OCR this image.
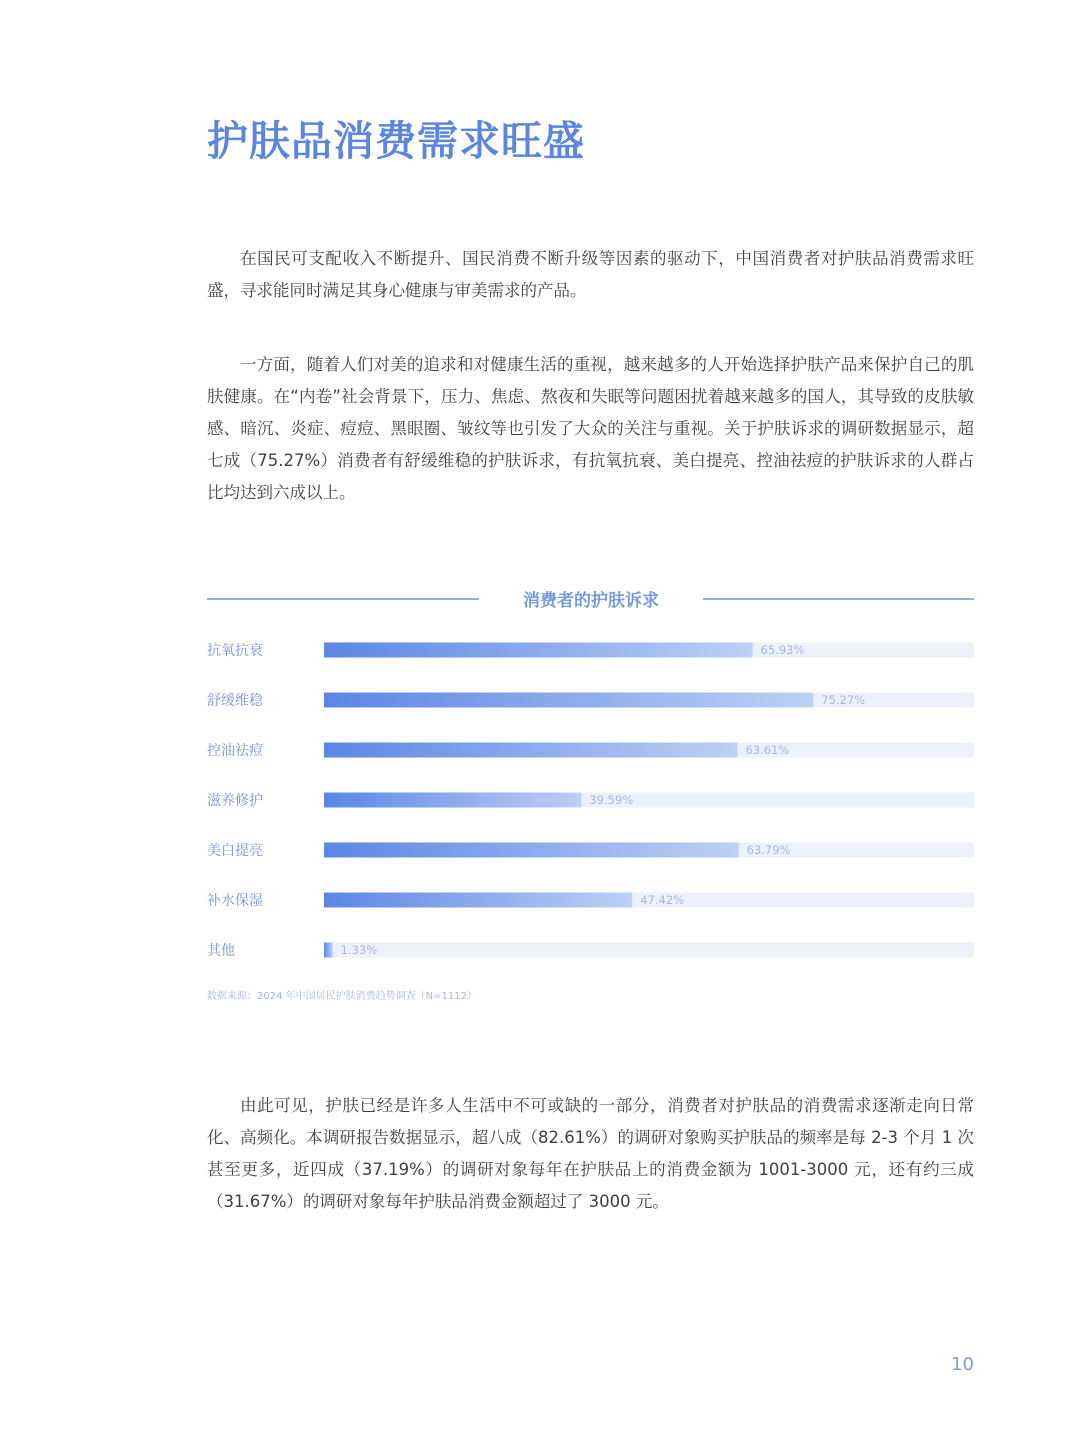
护肤品消费需求旺盛

在国民可支配收入不断提升、国民消费不断升级等因素的驱动下，中国消费者对护肤品消费需求旺盛，寻求能同时满足其身心健康与审美需求的产品。

一方面，随着人们对美的追求和对健康生活的重视，越来越多的人开始选择护肤产品来保护自己的肌肤健康。在“内卷”社会背景下，压力、焦虑、熬夜和失眠等问题困扰着越来越多的国人，其导致的皮肤敏感、暗沉、炎症、痘痘、黑眼圈、皱纹等也引发了大众的关注与重视。关于护肤诉求的调研数据显示，超七成（75.27%）消费者有舒缓维稳的护肤诉求，有抗氧抗衰、美白提亮、控油祛痘的护肤诉求的人群占比均达到六成以上。

消费者的护肤诉求
抗氧抗衰	65.93%
舒缓维稳	75.27%
控油祛痘	63.61%
滋养修护	39.59%
美白提亮	63.79%
补水保湿	47.42%
其他	1.33%
数据来源：2024 年中国居民护肤消费趋势调查（N=1112）

由此可见，护肤已经是许多人生活中不可或缺的一部分，消费者对护肤品的消费需求逐渐走向日常化、高频化。本调研报告数据显示，超八成（82.61%）的调研对象购买护肤品的频率是每 2-3 个月 1 次甚至更多，近四成（37.19%）的调研对象每年在护肤品上的消费金额为 1001-3000 元，还有约三成（31.67%）的调研对象每年护肤品消费金额超过了 3000 元。

10
